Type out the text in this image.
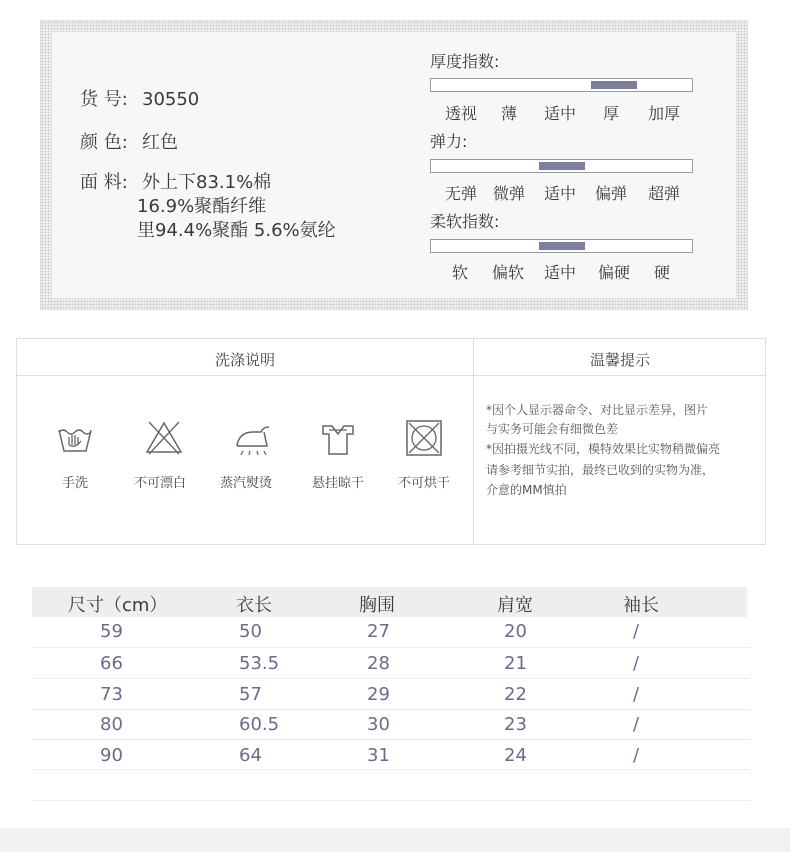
货 号: 30550
颜 色: 红色
面 料: 外上下83.1%棉
16.9%聚酯纤维
里94.4%聚酯 5.6%氨纶
厚度指数:
透视 薄 适中 厚 加厚
弹力:
无弹 微弹 适中 偏弹 超弹
柔软指数:
软 偏软 适中 偏硬 硬
洗涤说明	温馨提示
手洗	不可漂白	蒸汽熨烫	悬挂晾干	不可烘干
*因个人显示器命令、对比显示差异，图片
与实务可能会有细微色差
*因拍摄光线不同，模特效果比实物稍微偏亮
请参考细节实拍，最终已收到的实物为准，
介意的MM慎拍
尺寸（cm）	衣长	胸围	肩宽	袖长
59	50	27	20	/
66	53.5	28	21	/
73	57	29	22	/
80	60.5	30	23	/
90	64	31	24	/
